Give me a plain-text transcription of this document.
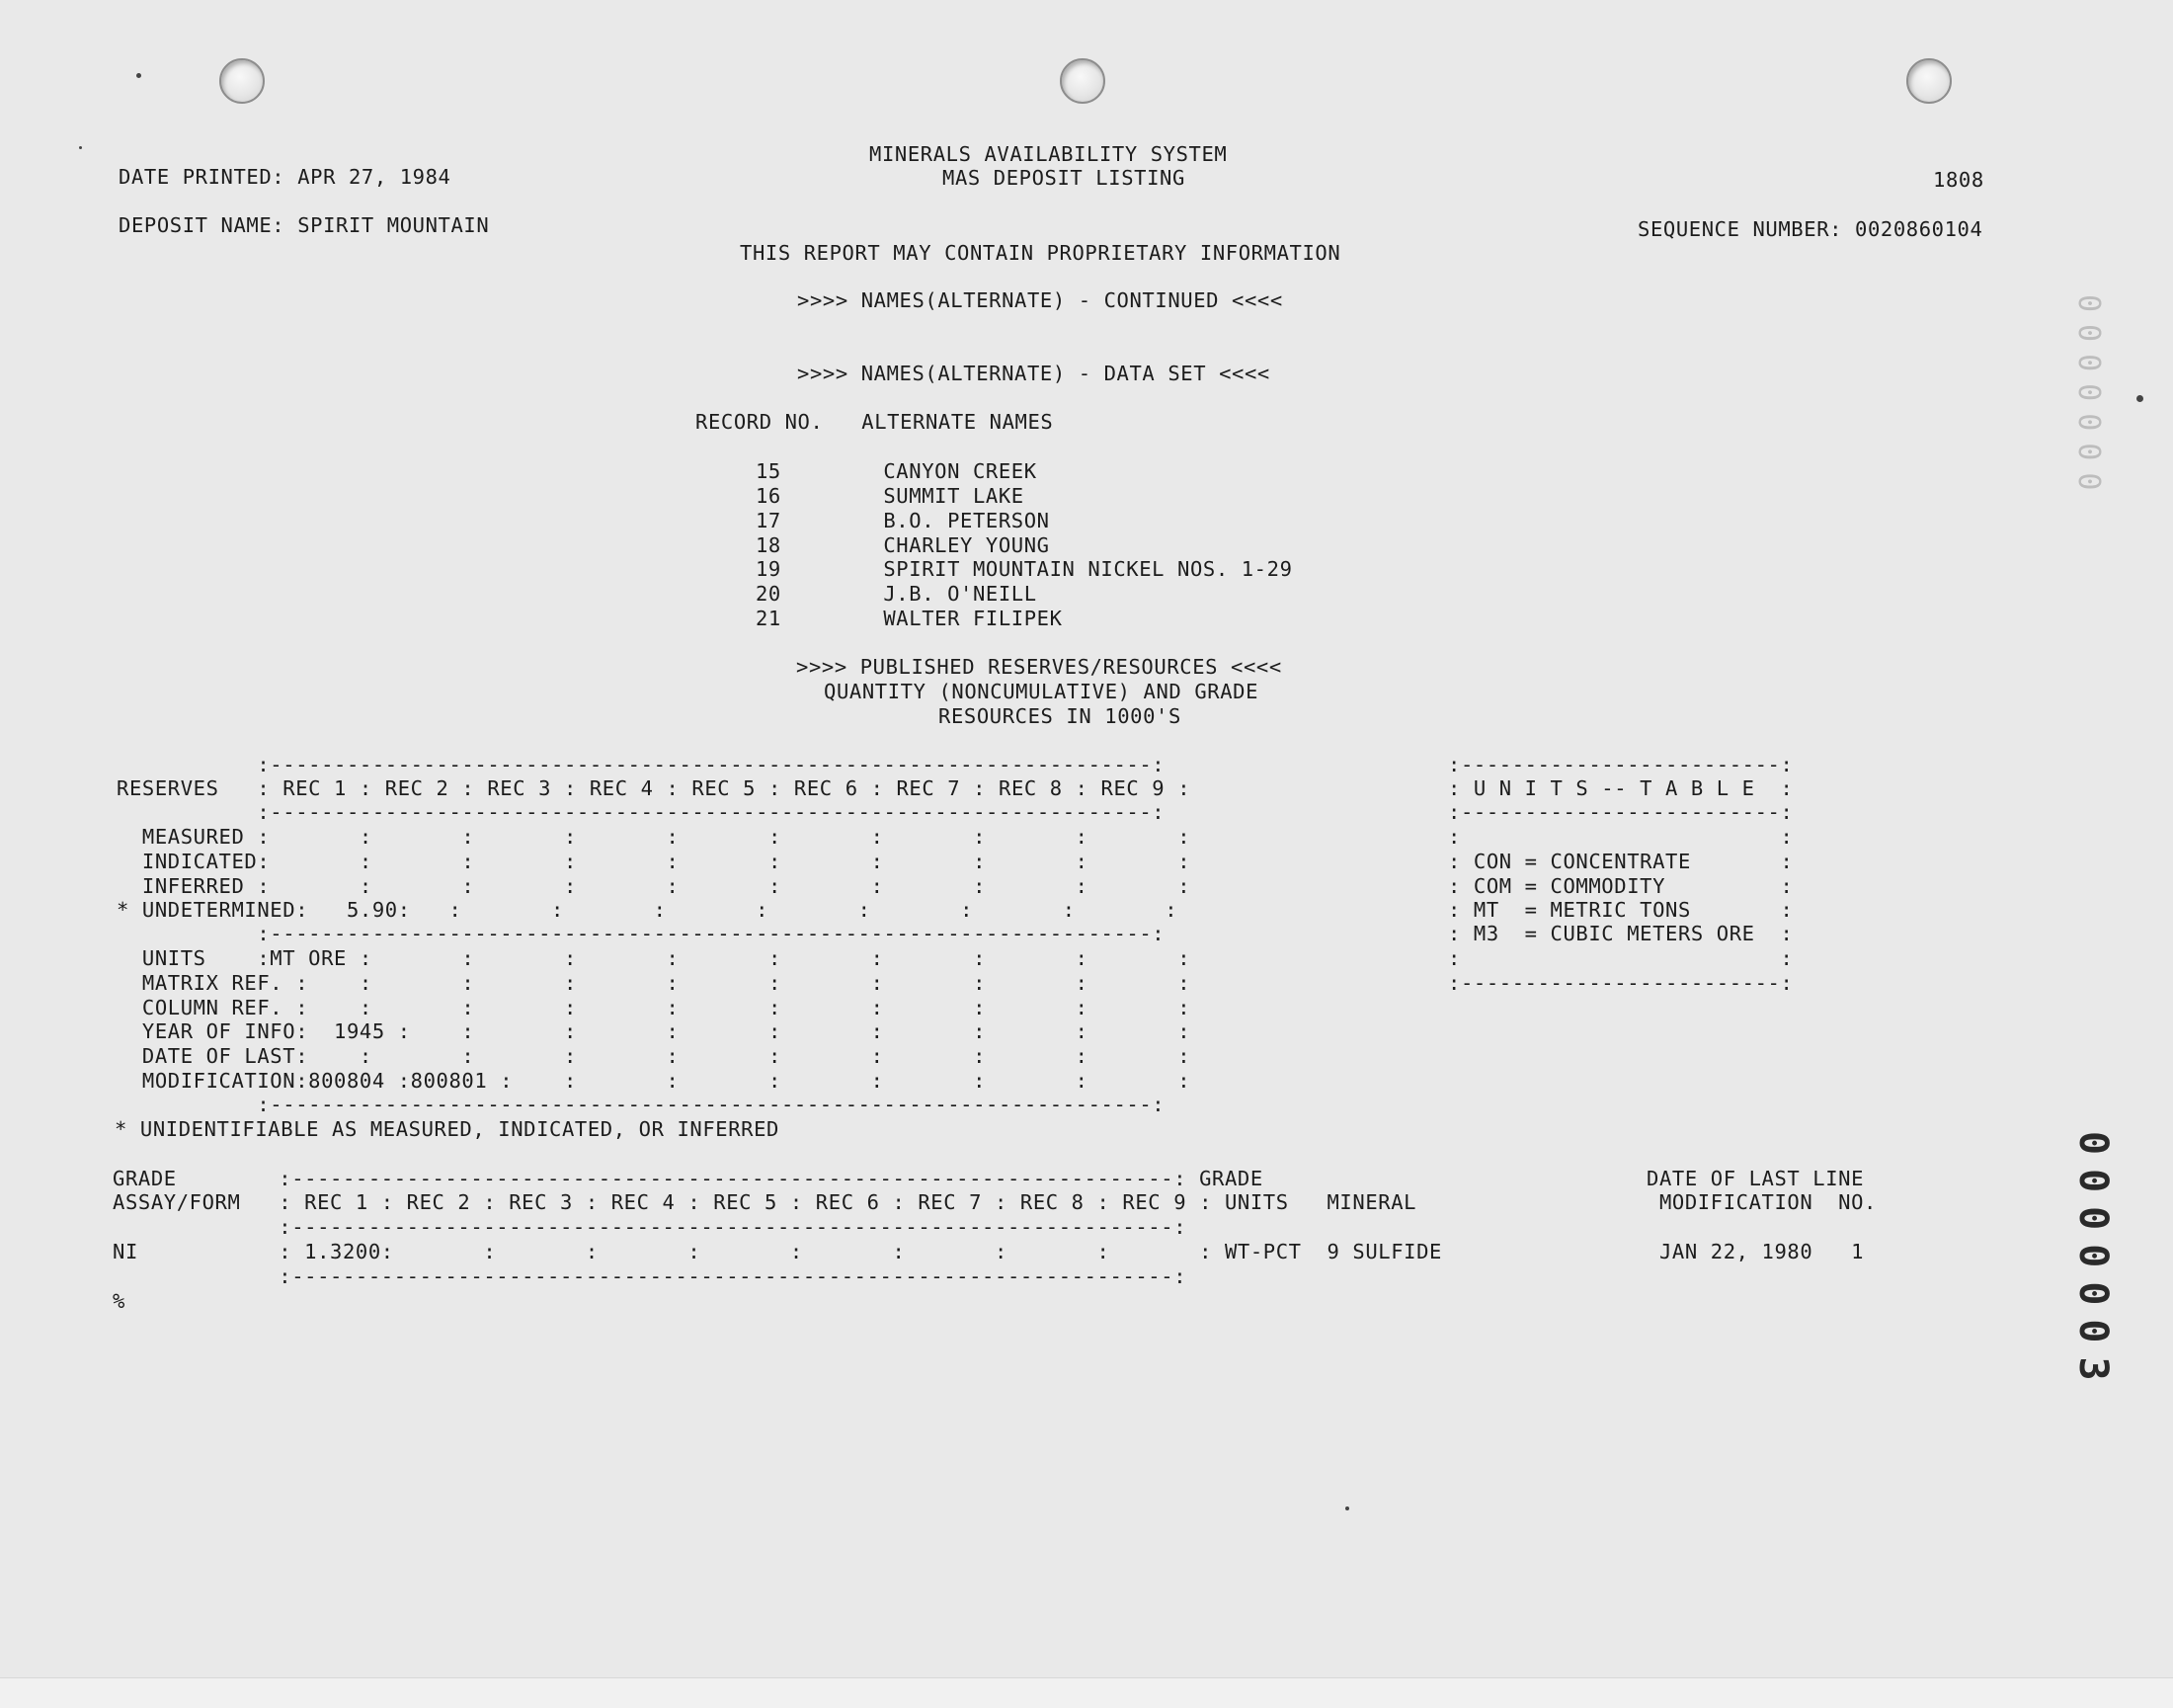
MINERALS AVAILABILITY SYSTEM
MAS DEPOSIT LISTING
DATE PRINTED: APR 27, 1984	1808
DEPOSIT NAME: SPIRIT MOUNTAIN	SEQUENCE NUMBER: 0020860104
THIS REPORT MAY CONTAIN PROPRIETARY INFORMATION
>>>> NAMES(ALTERNATE) - CONTINUED <<<<
>>>> NAMES(ALTERNATE) - DATA SET <<<<
RECORD NO.   ALTERNATE NAMES
15        CANYON CREEK
16        SUMMIT LAKE
17        B.O. PETERSON
18        CHARLEY YOUNG
19        SPIRIT MOUNTAIN NICKEL NOS. 1-29
20        J.B. O'NEILL
21        WALTER FILIPEK
>>>> PUBLISHED RESERVES/RESOURCES <<<<
QUANTITY (NONCUMULATIVE) AND GRADE
RESOURCES IN 1000'S
:---------------------------------------------------------------------:
RESERVES   : REC 1 : REC 2 : REC 3 : REC 4 : REC 5 : REC 6 : REC 7 : REC 8 : REC 9 :
:---------------------------------------------------------------------:
MEASURED :       :       :       :       :       :       :       :       :       :
INDICATED:       :       :       :       :       :       :       :       :       :
INFERRED :       :       :       :       :       :       :       :       :       :
* UNDETERMINED:   5.90:   :       :       :       :       :       :       :       :
:---------------------------------------------------------------------:
UNITS    :MT ORE :       :       :       :       :       :       :       :       :
MATRIX REF. :    :       :       :       :       :       :       :       :       :
COLUMN REF. :    :       :       :       :       :       :       :       :       :
YEAR OF INFO:  1945 :    :       :       :       :       :       :       :       :
DATE OF LAST:    :       :       :       :       :       :       :       :       :
MODIFICATION:800804 :800801 :    :       :       :       :       :       :       :
:---------------------------------------------------------------------:
* UNIDENTIFIABLE AS MEASURED, INDICATED, OR INFERRED
:-------------------------:
: U N I T S -- T A B L E  :
:-------------------------:
:                         :
: CON = CONCENTRATE       :
: COM = COMMODITY         :
: MT  = METRIC TONS       :
: M3  = CUBIC METERS ORE  :
:                         :
:-------------------------:
GRADE        :---------------------------------------------------------------------: GRADE                              DATE OF LAST LINE
ASSAY/FORM   : REC 1 : REC 2 : REC 3 : REC 4 : REC 5 : REC 6 : REC 7 : REC 8 : REC 9 : UNITS   MINERAL                   MODIFICATION  NO.
:---------------------------------------------------------------------:
NI           : 1.3200:       :       :       :       :       :       :       :       : WT-PCT  9 SULFIDE                 JAN 22, 1980   1
:---------------------------------------------------------------------:
%
0000000
0000003
